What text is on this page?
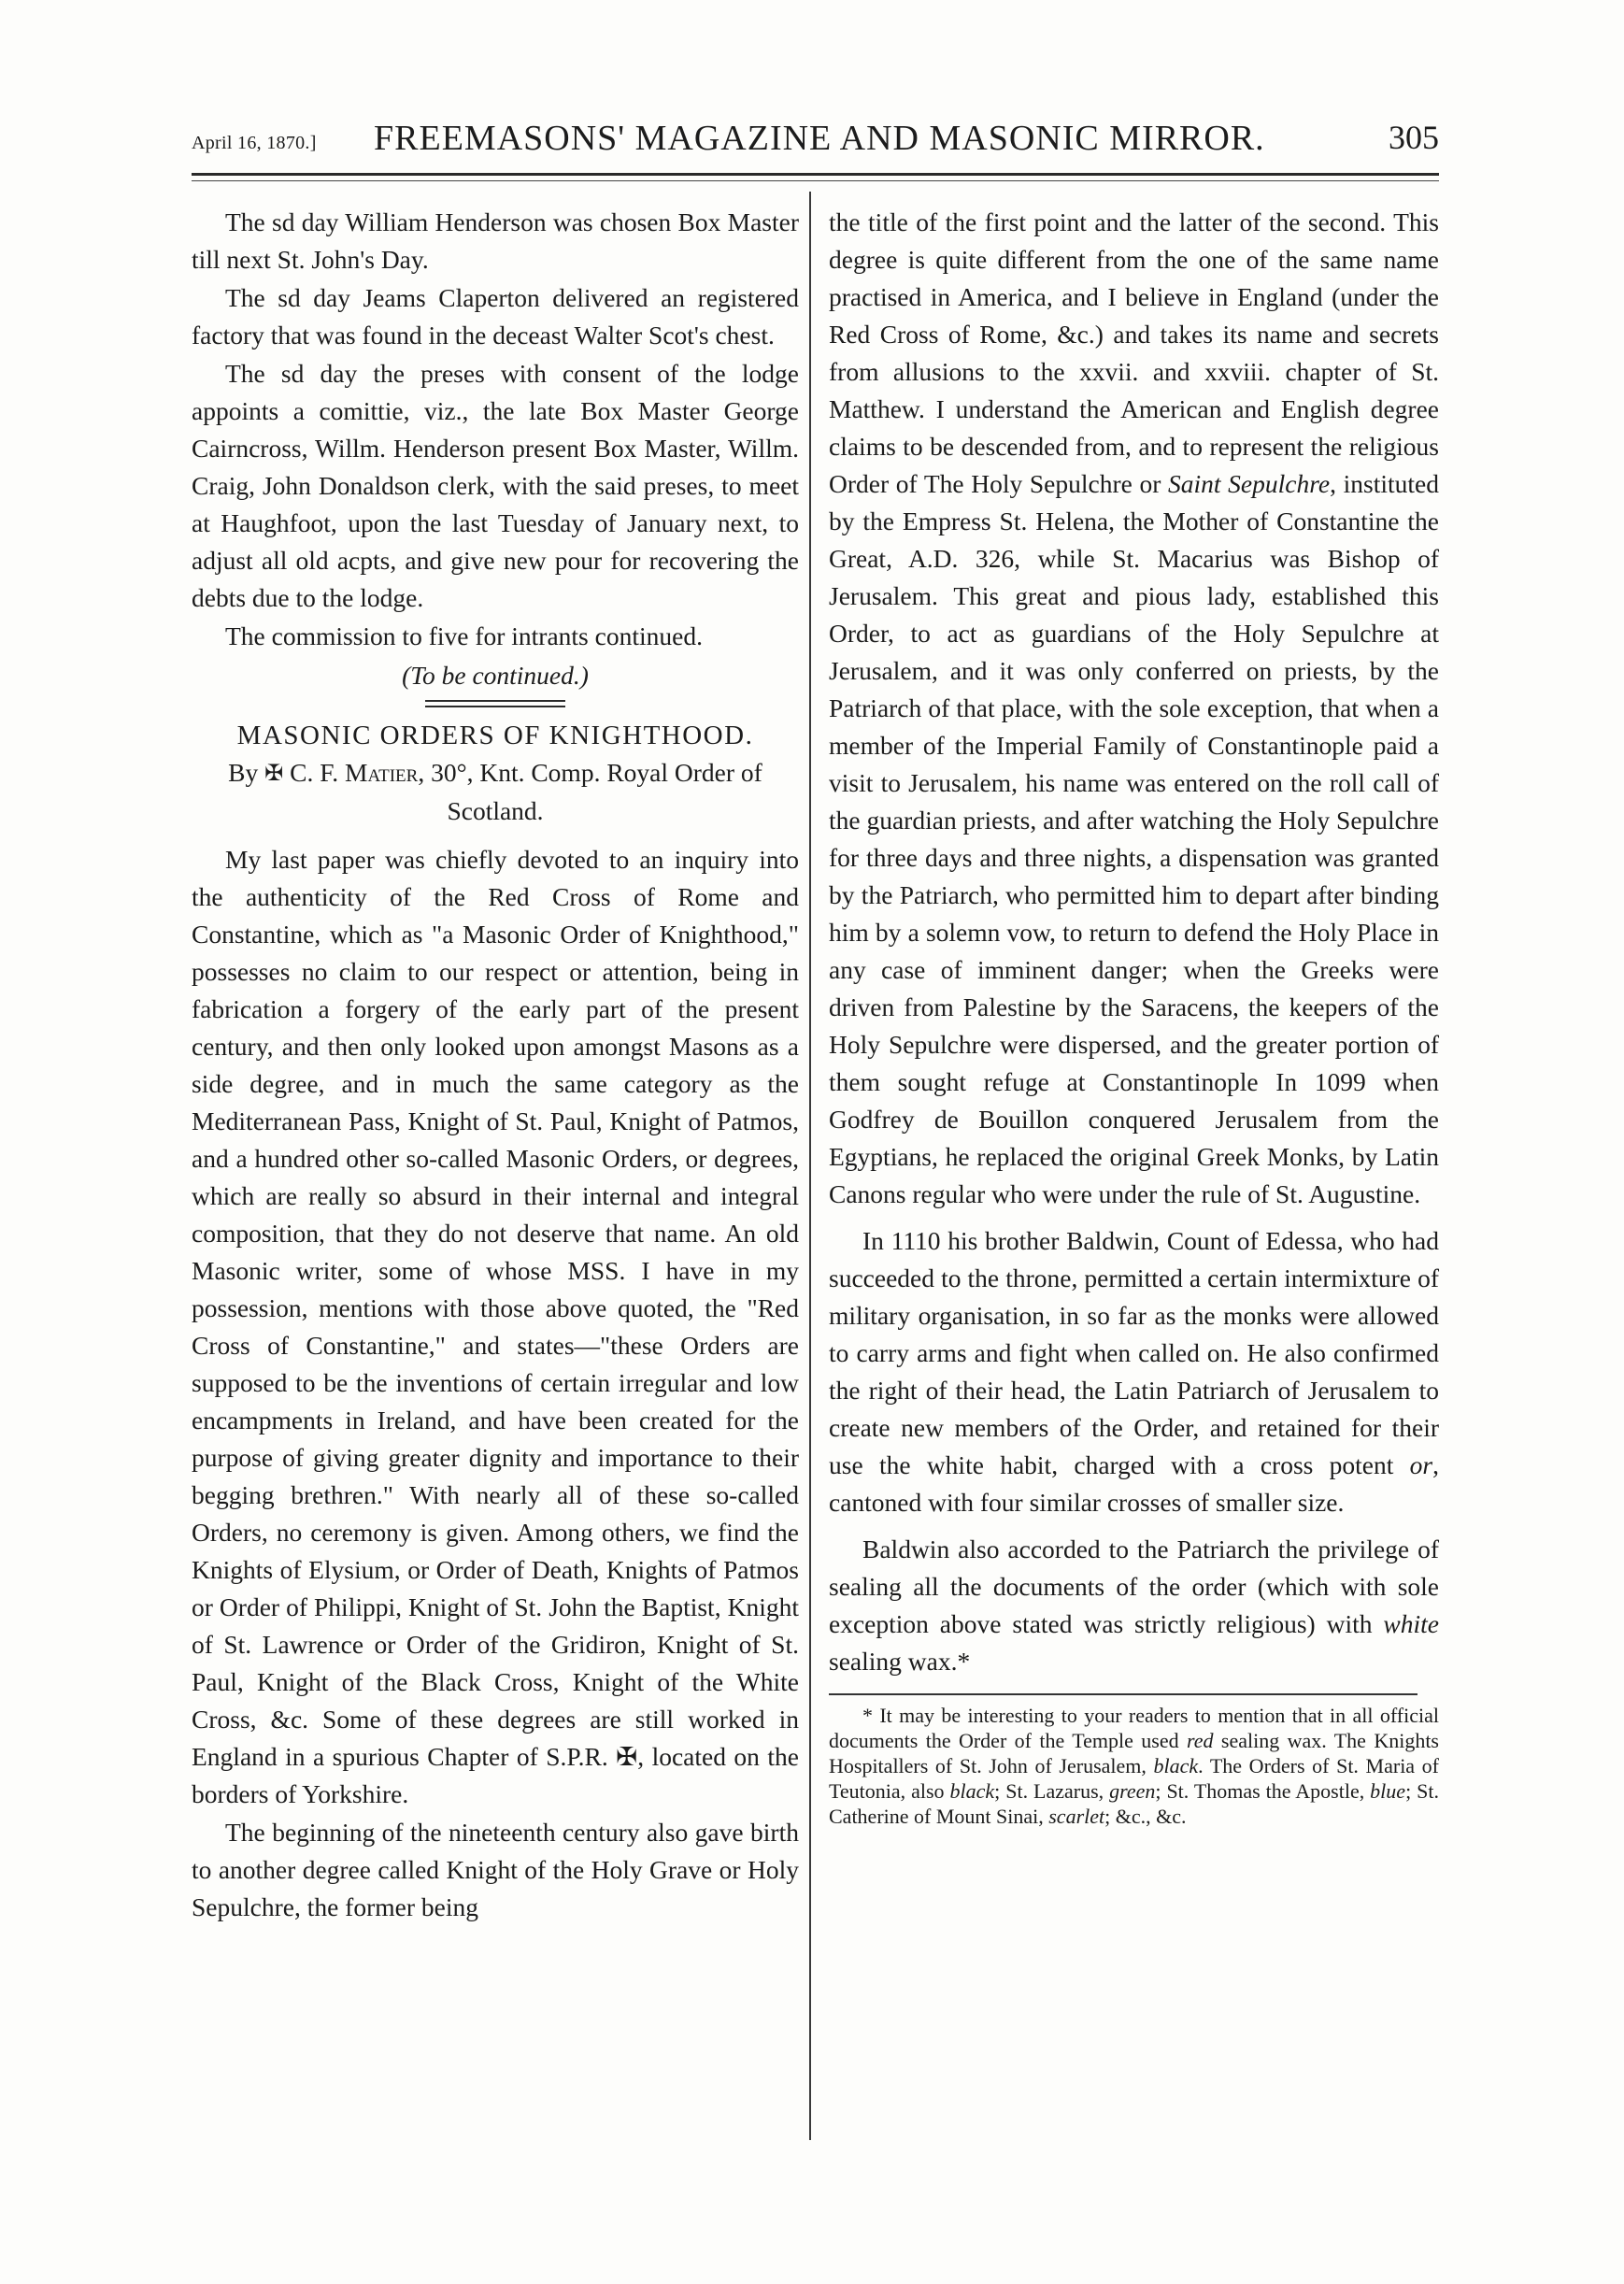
April 16, 1870.] FREEMASONS' MAGAZINE AND MASONIC MIRROR.	305

The sd day William Henderson was chosen Box Master till next St. John's Day.

The sd day Jeams Claperton delivered an registered factory that was found in the deceast Walter Scot's chest.

The sd day the preses with consent of the lodge appoints a comittie, viz., the late Box Master George Cairncross, Willm. Henderson present Box Master, Willm. Craig, John Donaldson clerk, with the said preses, to meet at Haughfoot, upon the last Tuesday of January next, to adjust all old acpts, and give new pour for recovering the debts due to the lodge.

The commission to five for intrants continued.

(To be continued.)
MASONIC ORDERS OF KNIGHTHOOD.
By ✠ C. F. Matier, 30°, Knt. Comp. Royal Order of Scotland.

My last paper was chiefly devoted to an inquiry into the authenticity of the Red Cross of Rome and Constantine, which as "a Masonic Order of Knighthood," possesses no claim to our respect or attention, being in fabrication a forgery of the early part of the present century, and then only looked upon amongst Masons as a side degree, and in much the same category as the Mediterranean Pass, Knight of St. Paul, Knight of Patmos, and a hundred other so-called Masonic Orders, or degrees, which are really so absurd in their internal and integral composition, that they do not deserve that name. An old Masonic writer, some of whose MSS. I have in my possession, mentions with those above quoted, the "Red Cross of Constantine," and states—"these Orders are supposed to be the inventions of certain irregular and low encampments in Ireland, and have been created for the purpose of giving greater dignity and importance to their begging brethren." With nearly all of these so-called Orders, no ceremony is given. Among others, we find the Knights of Elysium, or Order of Death, Knights of Patmos or Order of Philippi, Knight of St. John the Baptist, Knight of St. Lawrence or Order of the Gridiron, Knight of St. Paul, Knight of the Black Cross, Knight of the White Cross, &c. Some of these degrees are still worked in England in a spurious Chapter of S.P.R. ✠, located on the borders of Yorkshire.

The beginning of the nineteenth century also gave birth to another degree called Knight of the Holy Grave or Holy Sepulchre, the former being

the title of the first point and the latter of the second. This degree is quite different from the one of the same name practised in America, and I believe in England (under the Red Cross of Rome, &c.) and takes its name and secrets from allusions to the xxvii. and xxviii. chapter of St. Matthew. I understand the American and English degree claims to be descended from, and to represent the religious Order of The Holy Sepulchre or Saint Sepulchre, instituted by the Empress St. Helena, the Mother of Constantine the Great, A.D. 326, while St. Macarius was Bishop of Jerusalem. This great and pious lady, established this Order, to act as guardians of the Holy Sepulchre at Jerusalem, and it was only conferred on priests, by the Patriarch of that place, with the sole exception, that when a member of the Imperial Family of Constantinople paid a visit to Jerusalem, his name was entered on the roll call of the guardian priests, and after watching the Holy Sepulchre for three days and three nights, a dispensation was granted by the Patriarch, who permitted him to depart after binding him by a solemn vow, to return to defend the Holy Place in any case of imminent danger; when the Greeks were driven from Palestine by the Saracens, the keepers of the Holy Sepulchre were dispersed, and the greater portion of them sought refuge at Constantinople In 1099 when Godfrey de Bouillon conquered Jerusalem from the Egyptians, he replaced the original Greek Monks, by Latin Canons regular who were under the rule of St. Augustine.

In 1110 his brother Baldwin, Count of Edessa, who had succeeded to the throne, permitted a certain intermixture of military organisation, in so far as the monks were allowed to carry arms and fight when called on. He also confirmed the right of their head, the Latin Patriarch of Jerusalem to create new members of the Order, and retained for their use the white habit, charged with a cross potent or, cantoned with four similar crosses of smaller size.

Baldwin also accorded to the Patriarch the privilege of sealing all the documents of the order (which with sole exception above stated was strictly religious) with white sealing wax.*

* It may be interesting to your readers to mention that in all official documents the Order of the Temple used red sealing wax. The Knights Hospitallers of St. John of Jerusalem, black. The Orders of St. Maria of Teutonia, also black; St. Lazarus, green; St. Thomas the Apostle, blue; St. Catherine of Mount Sinai, scarlet; &c., &c.
